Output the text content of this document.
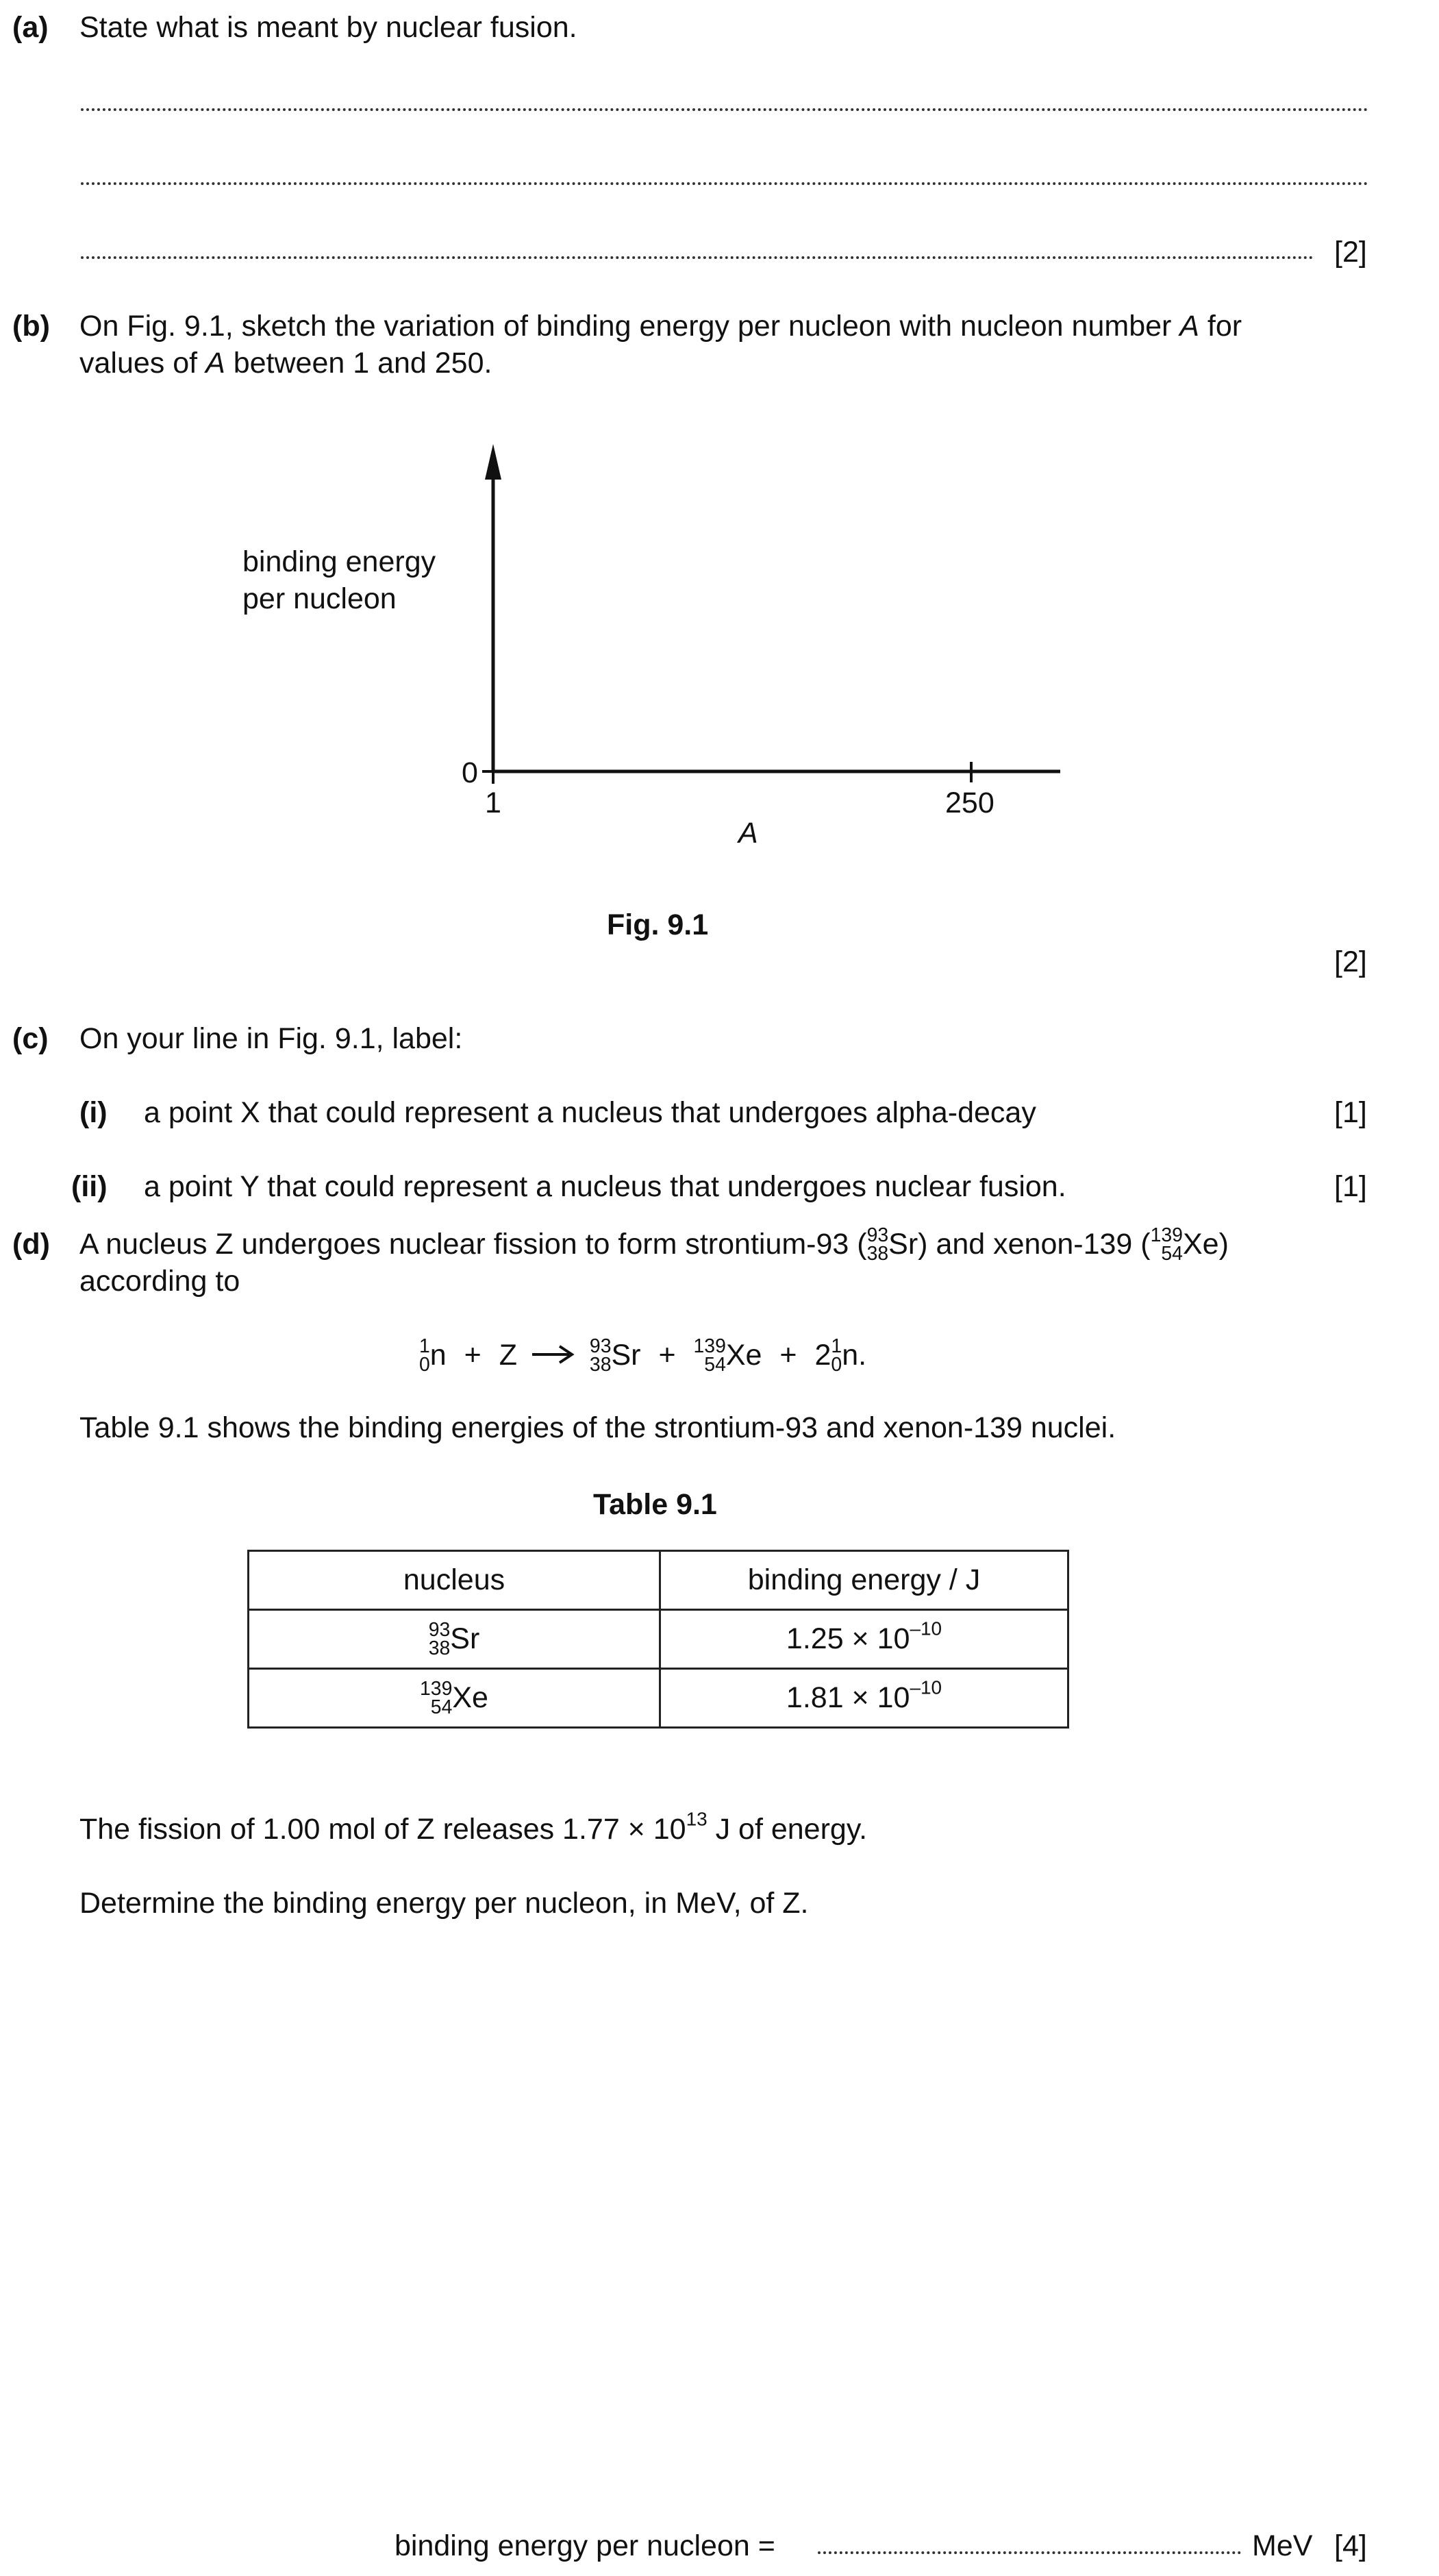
(a) State what is meant by nuclear fusion.
[2]
(b) On Fig. 9.1, sketch the variation of binding energy per nucleon with nucleon number A for
values of A between 1 and 250.
binding energy
per nucleon
0
1	250
A
Fig. 9.1
[2]
(c) On your line in Fig. 9.1, label:
(i) a point X that could represent a nucleus that undergoes alpha-decay	[1]
(ii) a point Y that could represent a nucleus that undergoes nuclear fusion.	[1]
(d) A nucleus Z undergoes nuclear fission to form strontium-93 ( 93
38 Sr) and xenon-139 ( 139
54 Xe)
according to
1
0 n + Z → 93
38 Sr + 139
54 Xe + 2 1
0 n.
Table 9.1 shows the binding energies of the strontium-93 and xenon-139 nuclei.
Table 9.1
nucleus	binding energy / J

93
38 Sr	$1.25 \times 10^{-10}$

139
54 Xe	$1.81 \times 10^{-10}$
The fission of 1.00 mol of Z releases $1.77 \times 10^{13}$ J of energy.
Determine the binding energy per nucleon, in MeV, of Z.
binding energy per nucleon =	MeV [4]
